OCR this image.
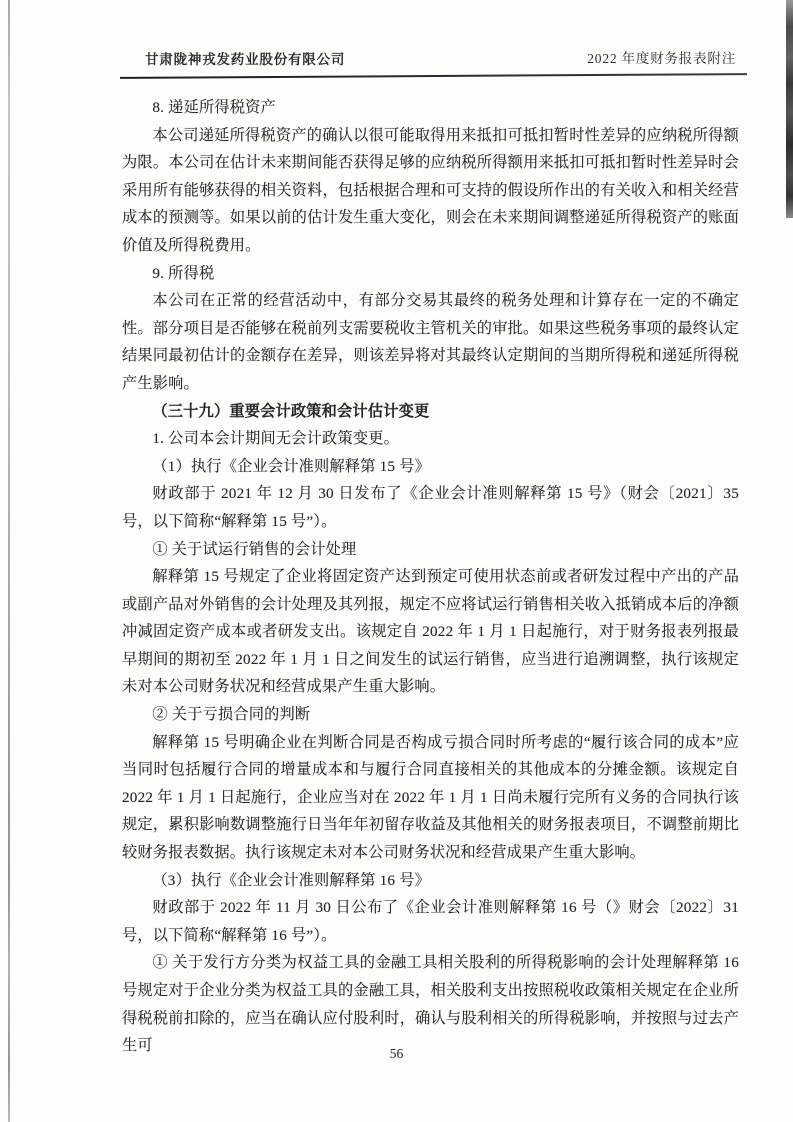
甘肃陇神戎发药业股份有限公司	2022 年度财务报表附注

8. 递延所得税资产

本公司递延所得税资产的确认以很可能取得用来抵扣可抵扣暂时性差异的应纳税所得额为限。本公司在估计未来期间能否获得足够的应纳税所得额用来抵扣可抵扣暂时性差异时会采用所有能够获得的相关资料，包括根据合理和可支持的假设所作出的有关收入和相关经营成本的预测等。如果以前的估计发生重大变化，则会在未来期间调整递延所得税资产的账面价值及所得税费用。

9. 所得税

本公司在正常的经营活动中，有部分交易其最终的税务处理和计算存在一定的不确定性。部分项目是否能够在税前列支需要税收主管机关的审批。如果这些税务事项的最终认定结果同最初估计的金额存在差异，则该差异将对其最终认定期间的当期所得税和递延所得税产生影响。

（三十九）重要会计政策和会计估计变更

1. 公司本会计期间无会计政策变更。

（1）执行《企业会计准则解释第 15 号》

财政部于 2021 年 12 月 30 日发布了《企业会计准则解释第 15 号》（财会〔2021〕35 号，以下简称“解释第 15 号”）。

① 关于试运行销售的会计处理

解释第 15 号规定了企业将固定资产达到预定可使用状态前或者研发过程中产出的产品或副产品对外销售的会计处理及其列报，规定不应将试运行销售相关收入抵销成本后的净额冲减固定资产成本或者研发支出。该规定自 2022 年 1 月 1 日起施行，对于财务报表列报最早期间的期初至 2022 年 1 月 1 日之间发生的试运行销售，应当进行追溯调整，执行该规定未对本公司财务状况和经营成果产生重大影响。

② 关于亏损合同的判断

解释第 15 号明确企业在判断合同是否构成亏损合同时所考虑的“履行该合同的成本”应当同时包括履行合同的增量成本和与履行合同直接相关的其他成本的分摊金额。该规定自 2022 年 1 月 1 日起施行，企业应当对在 2022 年 1 月 1 日尚未履行完所有义务的合同执行该规定，累积影响数调整施行日当年年初留存收益及其他相关的财务报表项目，不调整前期比较财务报表数据。执行该规定未对本公司财务状况和经营成果产生重大影响。

（3）执行《企业会计准则解释第 16 号》

财政部于 2022 年 11 月 30 日公布了《企业会计准则解释第 16 号（》财会〔2022〕31 号，以下简称“解释第 16 号”）。

① 关于发行方分类为权益工具的金融工具相关股利的所得税影响的会计处理解释第 16 号规定对于企业分类为权益工具的金融工具，相关股利支出按照税收政策相关规定在企业所得税税前扣除的，应当在确认应付股利时，确认与股利相关的所得税影响，并按照与过去产生可	56
